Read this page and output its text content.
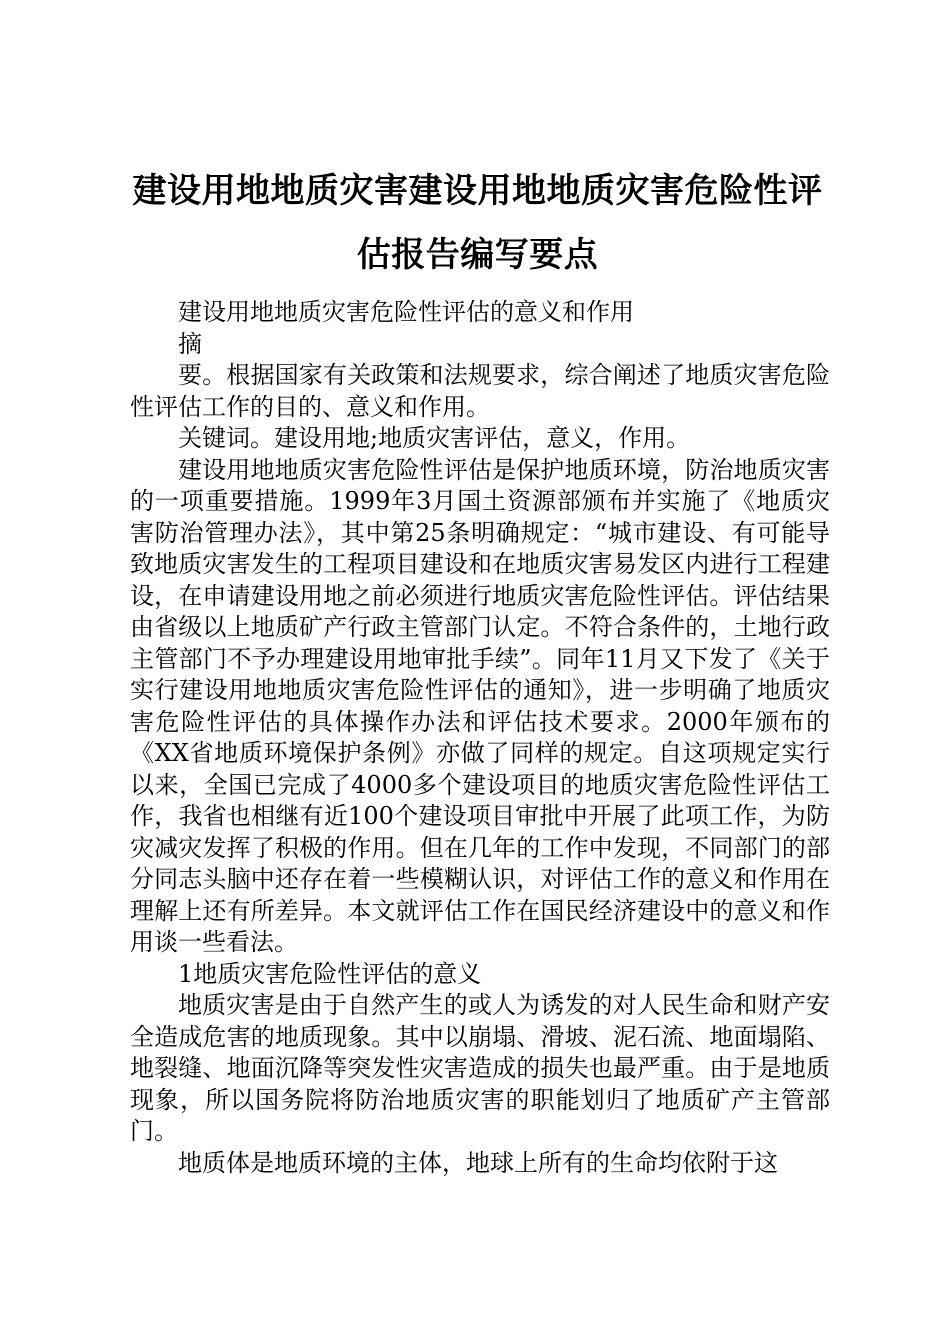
建设用地地质灾害建设用地地质灾害危险性评估报告编写要点

建设用地地质灾害危险性评估的意义和作用

摘

要。根据国家有关政策和法规要求，综合阐述了地质灾害危险性评估工作的目的、意义和作用。

关键词。建设用地;地质灾害评估，意义，作用。

建设用地地质灾害危险性评估是保护地质环境，防治地质灾害的一项重要措施。1999年3月国土资源部颁布并实施了《地质灾害防治管理办法》，其中第25条明确规定：“城市建设、有可能导致地质灾害发生的工程项目建设和在地质灾害易发区内进行工程建设，在申请建设用地之前必须进行地质灾害危险性评估。评估结果由省级以上地质矿产行政主管部门认定。不符合条件的，土地行政主管部门不予办理建设用地审批手续”。同年11月又下发了《关于实行建设用地地质灾害危险性评估的通知》，进一步明确了地质灾害危险性评估的具体操作办法和评估技术要求。2000年颁布的《XX省地质环境保护条例》亦做了同样的规定。自这项规定实行以来，全国已完成了4000多个建设项目的地质灾害危险性评估工作，我省也相继有近100个建设项目审批中开展了此项工作，为防灾减灾发挥了积极的作用。但在几年的工作中发现，不同部门的部分同志头脑中还存在着一些模糊认识，对评估工作的意义和作用在理解上还有所差异。本文就评估工作在国民经济建设中的意义和作用谈一些看法。

1地质灾害危险性评估的意义

地质灾害是由于自然产生的或人为诱发的对人民生命和财产安全造成危害的地质现象。其中以崩塌、滑坡、泥石流、地面塌陷、地裂缝、地面沉降等突发性灾害造成的损失也最严重。由于是地质现象，所以国务院将防治地质灾害的职能划归了地质矿产主管部门。

地质体是地质环境的主体，地球上所有的生命均依附于这
